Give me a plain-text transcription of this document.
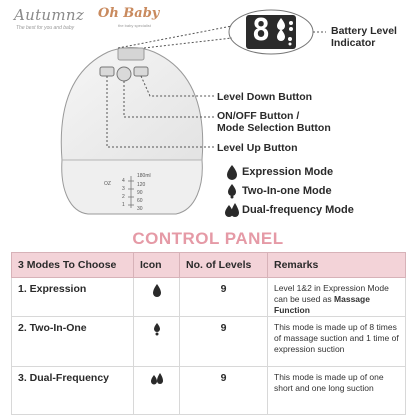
Autumnz
The best for you and baby
Oh Baby
the baby specialist	8
180ml
OZ 4
3
2
1
120
90
60
30
Battery Level
Indicator
Level Down Button
ON/OFF Button /
Mode Selection Button
Level Up Button
Expression Mode
Two-In-one Mode
Dual-frequency Mode
CONTROL PANEL
3 Modes To Choose	Icon	No. of Levels	Remarks
1. Expression		9	Level 1&2 in Expression Mode can be used as Massage Function
2. Two-In-One		9	This mode is made up of 8 times of massage suction and 1 time of expression suction
3. Dual-Frequency		9	This mode is made up of one short and one long suction
